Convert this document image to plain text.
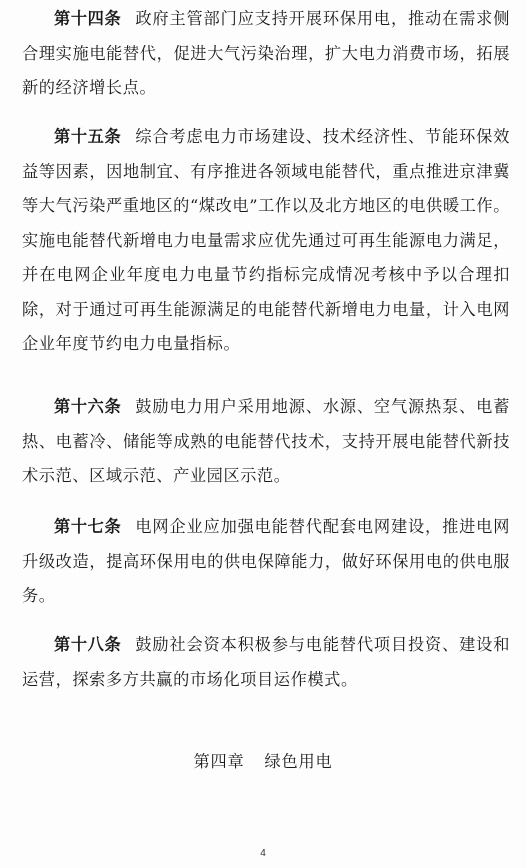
第十四条 政府主管部门应支持开展环保用电，推动在需求侧合理实施电能替代，促进大气污染治理，扩大电力消费市场，拓展新的经济增长点。

第十五条 综合考虑电力市场建设、技术经济性、节能环保效益等因素，因地制宜、有序推进各领域电能替代，重点推进京津冀等大气污染严重地区的“煤改电”工作以及北方地区的电供暖工作。实施电能替代新增电力电量需求应优先通过可再生能源电力满足，并在电网企业年度电力电量节约指标完成情况考核中予以合理扣除，对于通过可再生能源满足的电能替代新增电力电量，计入电网企业年度节约电力电量指标。

第十六条 鼓励电力用户采用地源、水源、空气源热泵、电蓄热、电蓄冷、储能等成熟的电能替代技术，支持开展电能替代新技术示范、区域示范、产业园区示范。

第十七条 电网企业应加强电能替代配套电网建设，推进电网升级改造，提高环保用电的供电保障能力，做好环保用电的供电服务。

第十八条 鼓励社会资本积极参与电能替代项目投资、建设和运营，探索多方共赢的市场化项目运作模式。

第四章 绿色用电
4
